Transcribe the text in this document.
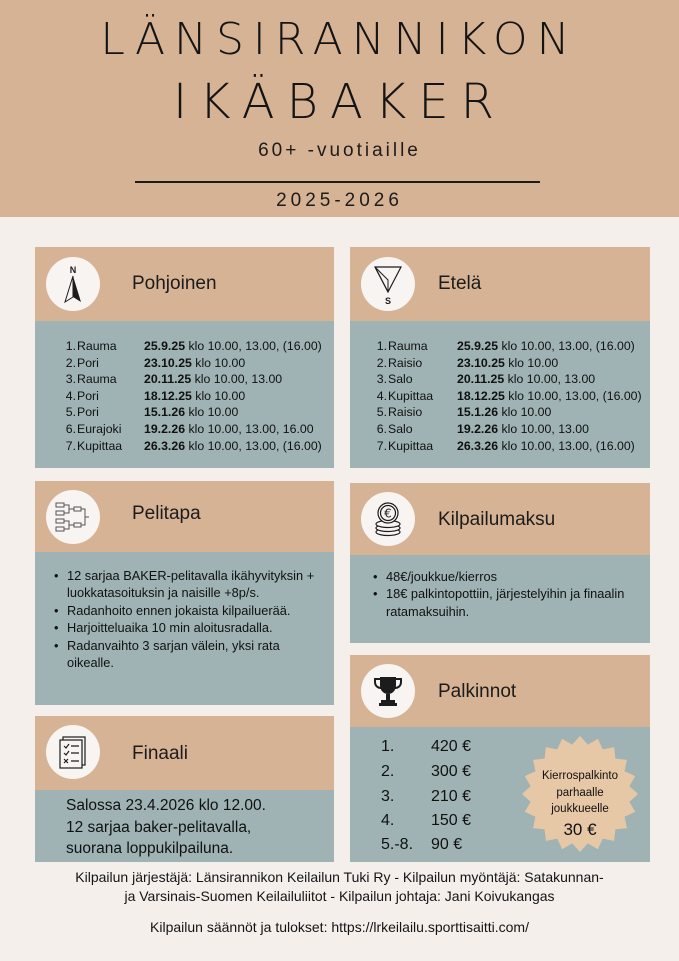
LÄNSIRANNIKON
IKÄBAKER
60+ -vuotiaille
2025-2026
N
Pohjoinen
1. Rauma	25.9.25 klo 10.00, 13.00, (16.00)
2. Pori	23.10.25 klo 10.00
3. Rauma	20.11.25 klo 10.00, 13.00
4. Pori	18.12.25 klo 10.00
5. Pori	15.1.26 klo 10.00
6. Eurajoki	19.2.26 klo 10.00, 13.00, 16.00
7. Kupittaa	26.3.26 klo 10.00, 13.00, (16.00)
S
Etelä
1. Rauma	25.9.25 klo 10.00, 13.00, (16.00)
2. Raisio	23.10.25 klo 10.00
3. Salo	20.11.25 klo 10.00, 13.00
4. Kupittaa	18.12.25 klo 10.00, 13.00, (16.00)
5. Raisio	15.1.26 klo 10.00
6. Salo	19.2.26 klo 10.00, 13.00
7. Kupittaa	26.3.26 klo 10.00, 13.00, (16.00)
Pelitapa
• 12 sarjaa BAKER-pelitavalla ikähyvityksin + luokkatasoituksin ja naisille +8p/s.
• Radanhoito ennen jokaista kilpailuerää.
• Harjoitteluaika 10 min aloitusradalla.
• Radanvaihto 3 sarjan välein, yksi rata oikealle.
Finaali
Salossa 23.4.2026 klo 12.00.
12 sarjaa baker-pelitavalla,
suorana loppukilpailuna.
€ Kilpailumaksu
• 48€/joukkue/kierros
• 18€ palkintopottiin, järjestelyihin ja finaalin ratamaksuihin.
Palkinnot
1.	420 €
2.	300 €
3.	210 €
4.	150 €
5.-8.	90 €
Kierrospalkinto
parhaalle
joukkueelle
30 €
Kilpailun järjestäjä: Länsirannikon Keilailun Tuki Ry - Kilpailun myöntäjä: Satakunnan-
ja Varsinais-Suomen Keilailuliitot - Kilpailun johtaja: Jani Koivukangas
Kilpailun säännöt ja tulokset: https://lrkeilailu.sporttisaitti.com/
